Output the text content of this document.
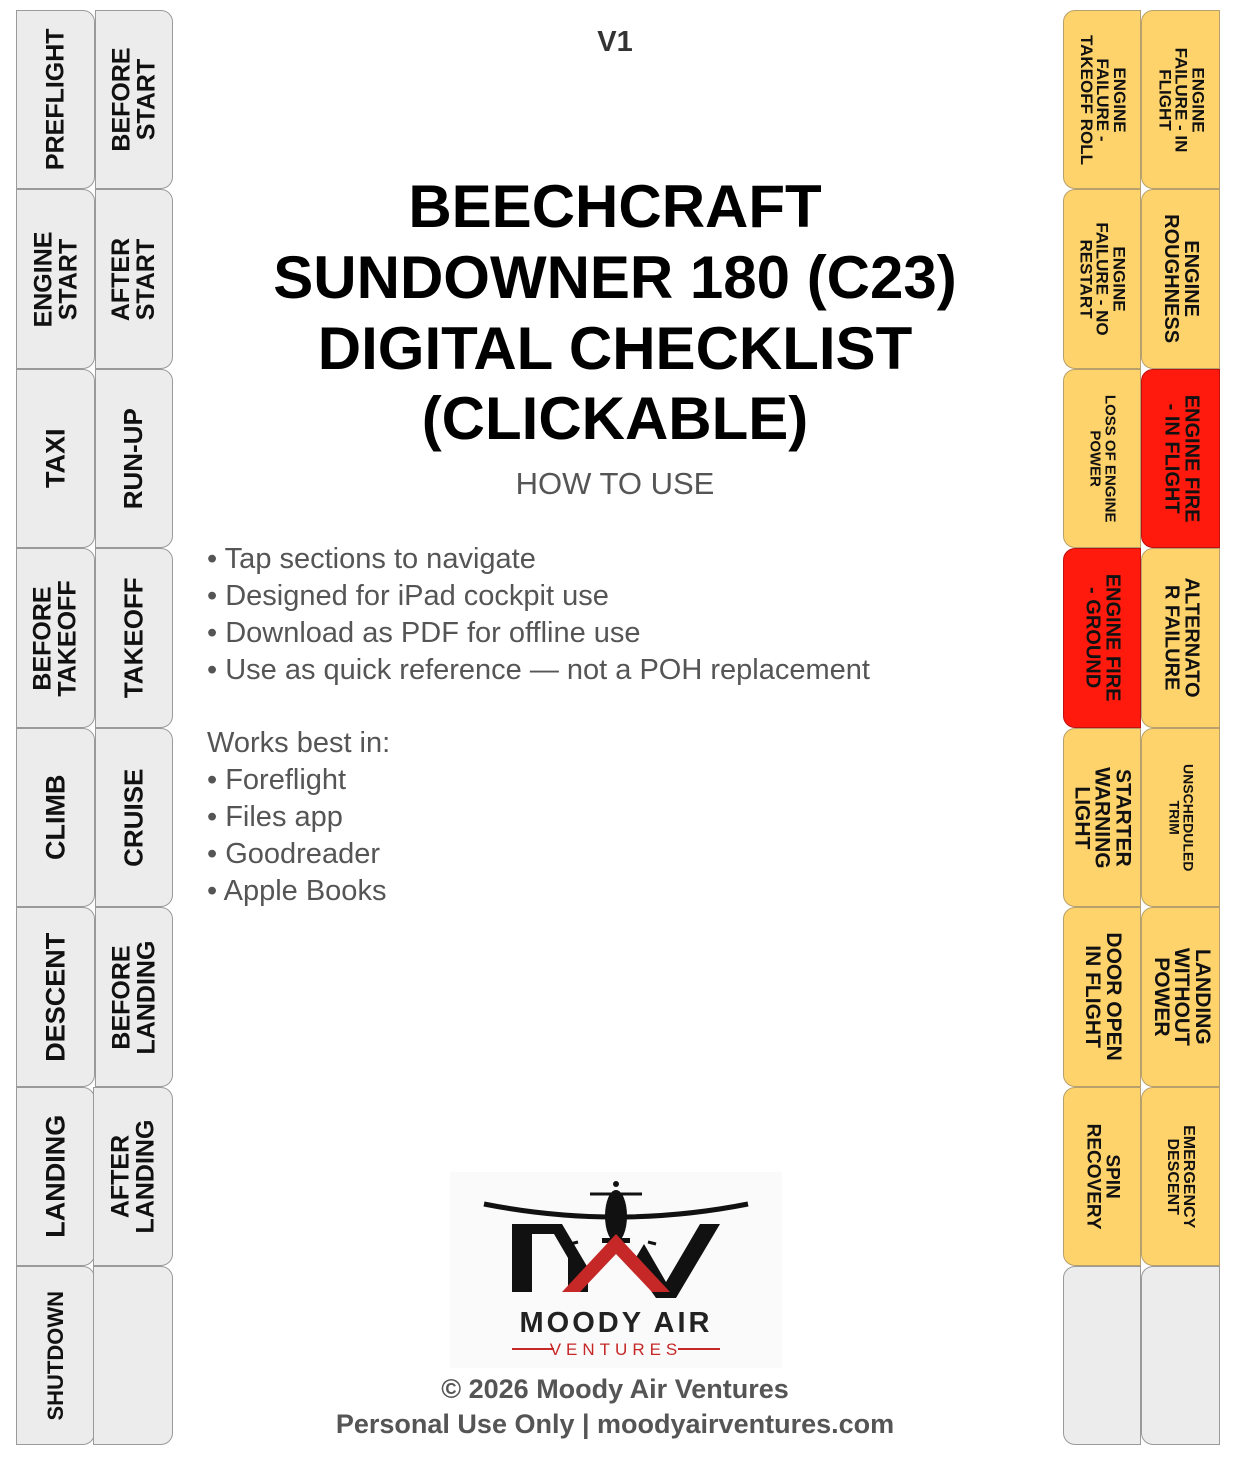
PREFLIGHT
ENGINE
START
TAXI
BEFORE
TAKEOFF
CLIMB
DESCENT
LANDING
SHUTDOWN
BEFORE
START
AFTER
START
RUN-UP
TAKEOFF
CRUISE
BEFORE
LANDING
AFTER
LANDING
ENGINE
FAILURE -
TAKEOFF ROLL
ENGINE
FAILURE - NO
RESTART
LOSS OF ENGINE
POWER
ENGINE FIRE
- GROUND
STARTER
WARNING
LIGHT
DOOR OPEN
IN FLIGHT
SPIN
RECOVERY
ENGINE
FAILURE - IN
FLIGHT
ENGINE
ROUGHNESS
ENGINE FIRE
- IN FLIGHT
ALTERNATO
R FAILURE
UNSCHEDULED
TRIM
LANDING
WITHOUT
POWER
EMERGENCY
DESCENT
V1
BEECHCRAFT
SUNDOWNER 180 (C23)
DIGITAL CHECKLIST
(CLICKABLE)
HOW TO USE
• Tap sections to navigate
• Designed for iPad cockpit use
• Download as PDF for offline use
• Use as quick reference — not a POH replacement
Works best in:
• Foreflight
• Files app
• Goodreader
• Apple Books
MOODY AIR
VENTURES
© 2026 Moody Air Ventures
Personal Use Only | moodyairventures.com
